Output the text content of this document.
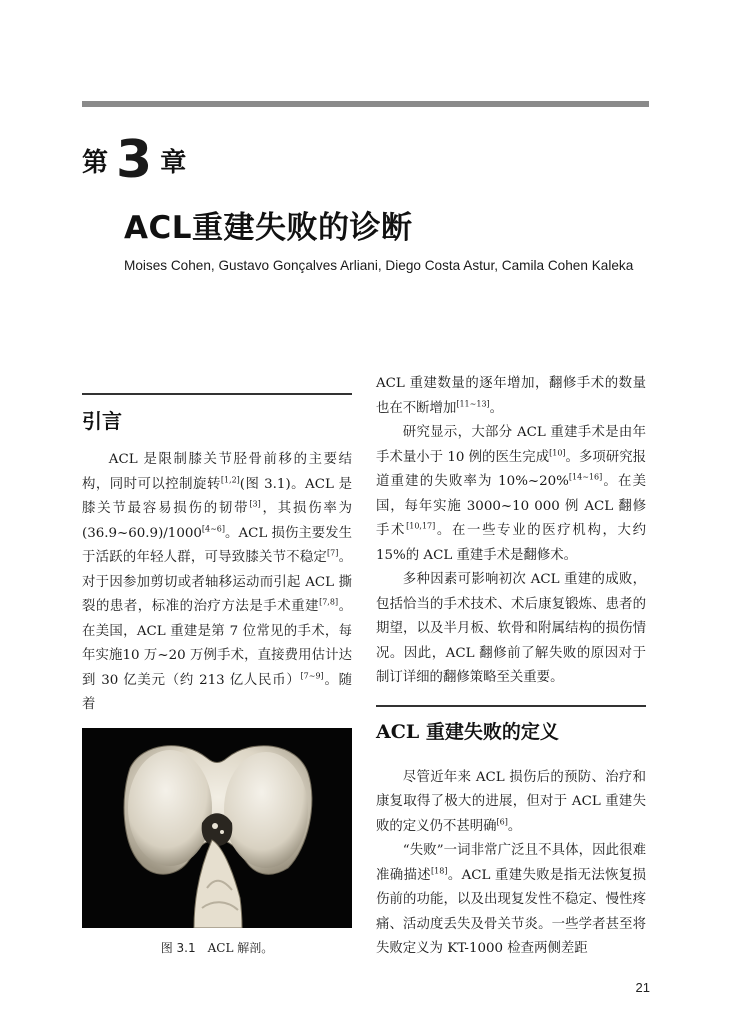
第 3 章
ACL重建失败的诊断
Moises Cohen, Gustavo Gonçalves Arliani, Diego Costa Astur, Camila Cohen Kaleka
引言

ACL 是限制膝关节胫骨前移的主要结构，同时可以控制旋转[1,2](图 3.1)。ACL 是膝关节最容易损伤的韧带[3]，其损伤率为(36.9~60.9)/1000[4~6]。ACL 损伤主要发生于活跃的年轻人群，可导致膝关节不稳定[7]。对于因参加剪切或者轴移运动而引起 ACL 撕裂的患者，标准的治疗方法是手术重建[7,8]。在美国，ACL 重建是第 7 位常见的手术，每年实施10 万~20 万例手术，直接费用估计达到 30 亿美元（约 213 亿人民币）[7~9]。随着

图 3.1 ACL 解剖。

ACL 重建数量的逐年增加，翻修手术的数量也在不断增加[11~13]。

研究显示，大部分 ACL 重建手术是由年手术量小于 10 例的医生完成[10]。多项研究报道重建的失败率为 10%~20%[14~16]。在美国，每年实施 3000~10 000 例 ACL 翻修手术[10,17]。在一些专业的医疗机构，大约 15%的 ACL 重建手术是翻修术。

多种因素可影响初次 ACL 重建的成败，包括恰当的手术技术、术后康复锻炼、患者的期望，以及半月板、软骨和附属结构的损伤情况。因此，ACL 翻修前了解失败的原因对于制订详细的翻修策略至关重要。

ACL 重建失败的定义

尽管近年来 ACL 损伤后的预防、治疗和康复取得了极大的进展，但对于 ACL 重建失败的定义仍不甚明确[6]。

“失败”一词非常广泛且不具体，因此很难准确描述[18]。ACL 重建失败是指无法恢复损伤前的功能，以及出现复发性不稳定、慢性疼痛、活动度丢失及骨关节炎。一些学者甚至将失败定义为 KT-1000 检查两侧差距

21
